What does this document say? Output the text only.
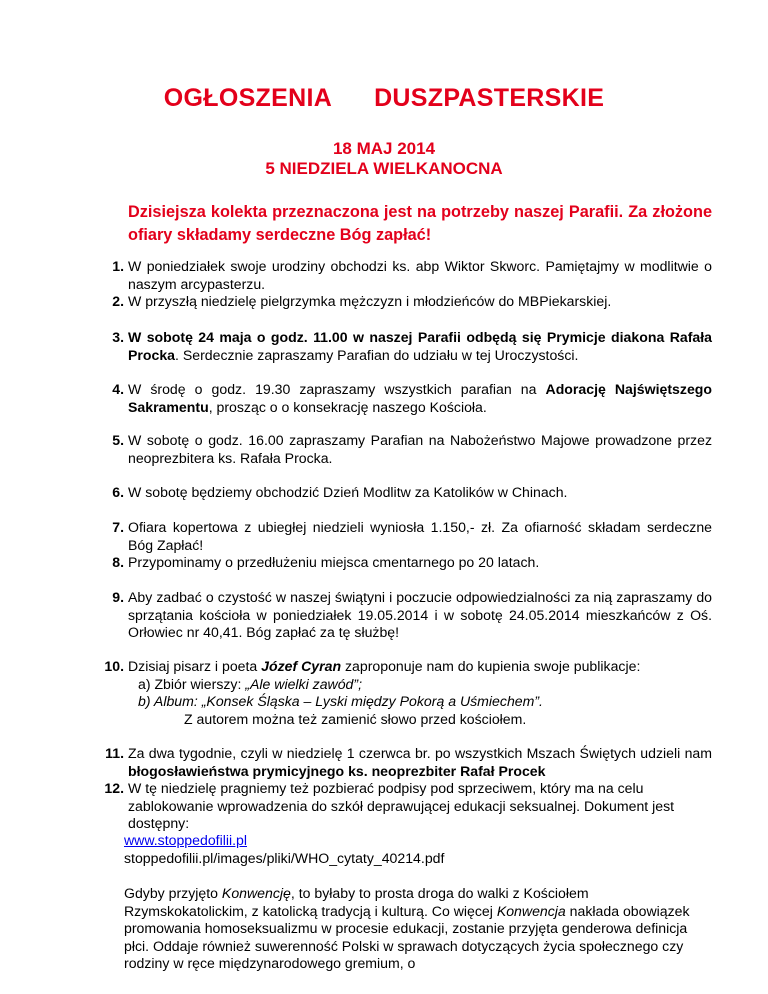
OGŁOSZENIA DUSZPASTERSKIE
18 MAJ 2014
5 NIEDZIELA WIELKANOCNA
Dzisiejsza kolekta przeznaczona jest na potrzeby naszej Parafii. Za złożone ofiary składamy serdeczne Bóg zapłać!
1. W poniedziałek swoje urodziny obchodzi ks. abp Wiktor Skworc. Pamiętajmy w modlitwie o naszym arcypasterzu.
2. W przyszłą niedzielę pielgrzymka mężczyzn i młodzieńców do MBPiekarskiej.
3. W sobotę 24 maja o godz. 11.00 w naszej Parafii odbędą się Prymicje diakona Rafała Procka. Serdecznie zapraszamy Parafian do udziału w tej Uroczystości.
4. W środę o godz. 19.30 zapraszamy wszystkich parafian na Adorację Najświętszego Sakramentu, prosząc o o konsekrację naszego Kościoła.
5. W sobotę o godz. 16.00 zapraszamy Parafian na Nabożeństwo Majowe prowadzone przez neoprezbitera ks. Rafała Procka.
6. W sobotę będziemy obchodzić Dzień Modlitw za Katolików w Chinach.
7. Ofiara kopertowa z ubiegłej niedzieli wyniosła 1.150,- zł. Za ofiarność składam serdeczne Bóg Zapłać!
8. Przypominamy o przedłużeniu miejsca cmentarnego po 20 latach.
9. Aby zadbać o czystość w naszej świątyni i poczucie odpowiedzialności za nią zapraszamy do sprzątania kościoła w poniedziałek 19.05.2014 i w sobotę 24.05.2014 mieszkańców z Oś. Orłowiec nr 40,41. Bóg zapłać za tę służbę!
10. Dzisiaj pisarz i poeta Józef Cyran zaproponuje nam do kupienia swoje publikacje:
a) Zbiór wierszy: „Ale wielki zawód”;
b) Album: „Konsek Śląska – Lyski między Pokorą a Uśmiechem”.
Z autorem można też zamienić słowo przed kościołem.
11. Za dwa tygodnie, czyli w niedzielę 1 czerwca br. po wszystkich Mszach Świętych udzieli nam błogosławieństwa prymicyjnego ks. neoprezbiter Rafał Procek
12. W tę niedzielę pragniemy też pozbierać podpisy pod sprzeciwem, który ma na celu zablokowanie wprowadzenia do szkół deprawującej edukacji seksualnej. Dokument jest dostępny:
www.stoppedofilii.pl
stoppedofilii.pl/images/pliki/WHO_cytaty_40214.pdf
Gdyby przyjęto Konwencję, to byłaby to prosta droga do walki z Kościołem Rzymskokatolickim, z katolicką tradycją i kulturą. Co więcej Konwencja nakłada obowiązek promowania homoseksualizmu w procesie edukacji, zostanie przyjęta genderowa definicja płci. Oddaje również suwerenność Polski w sprawach dotyczących życia społecznego czy rodziny w ręce międzynarodowego gremium, o
